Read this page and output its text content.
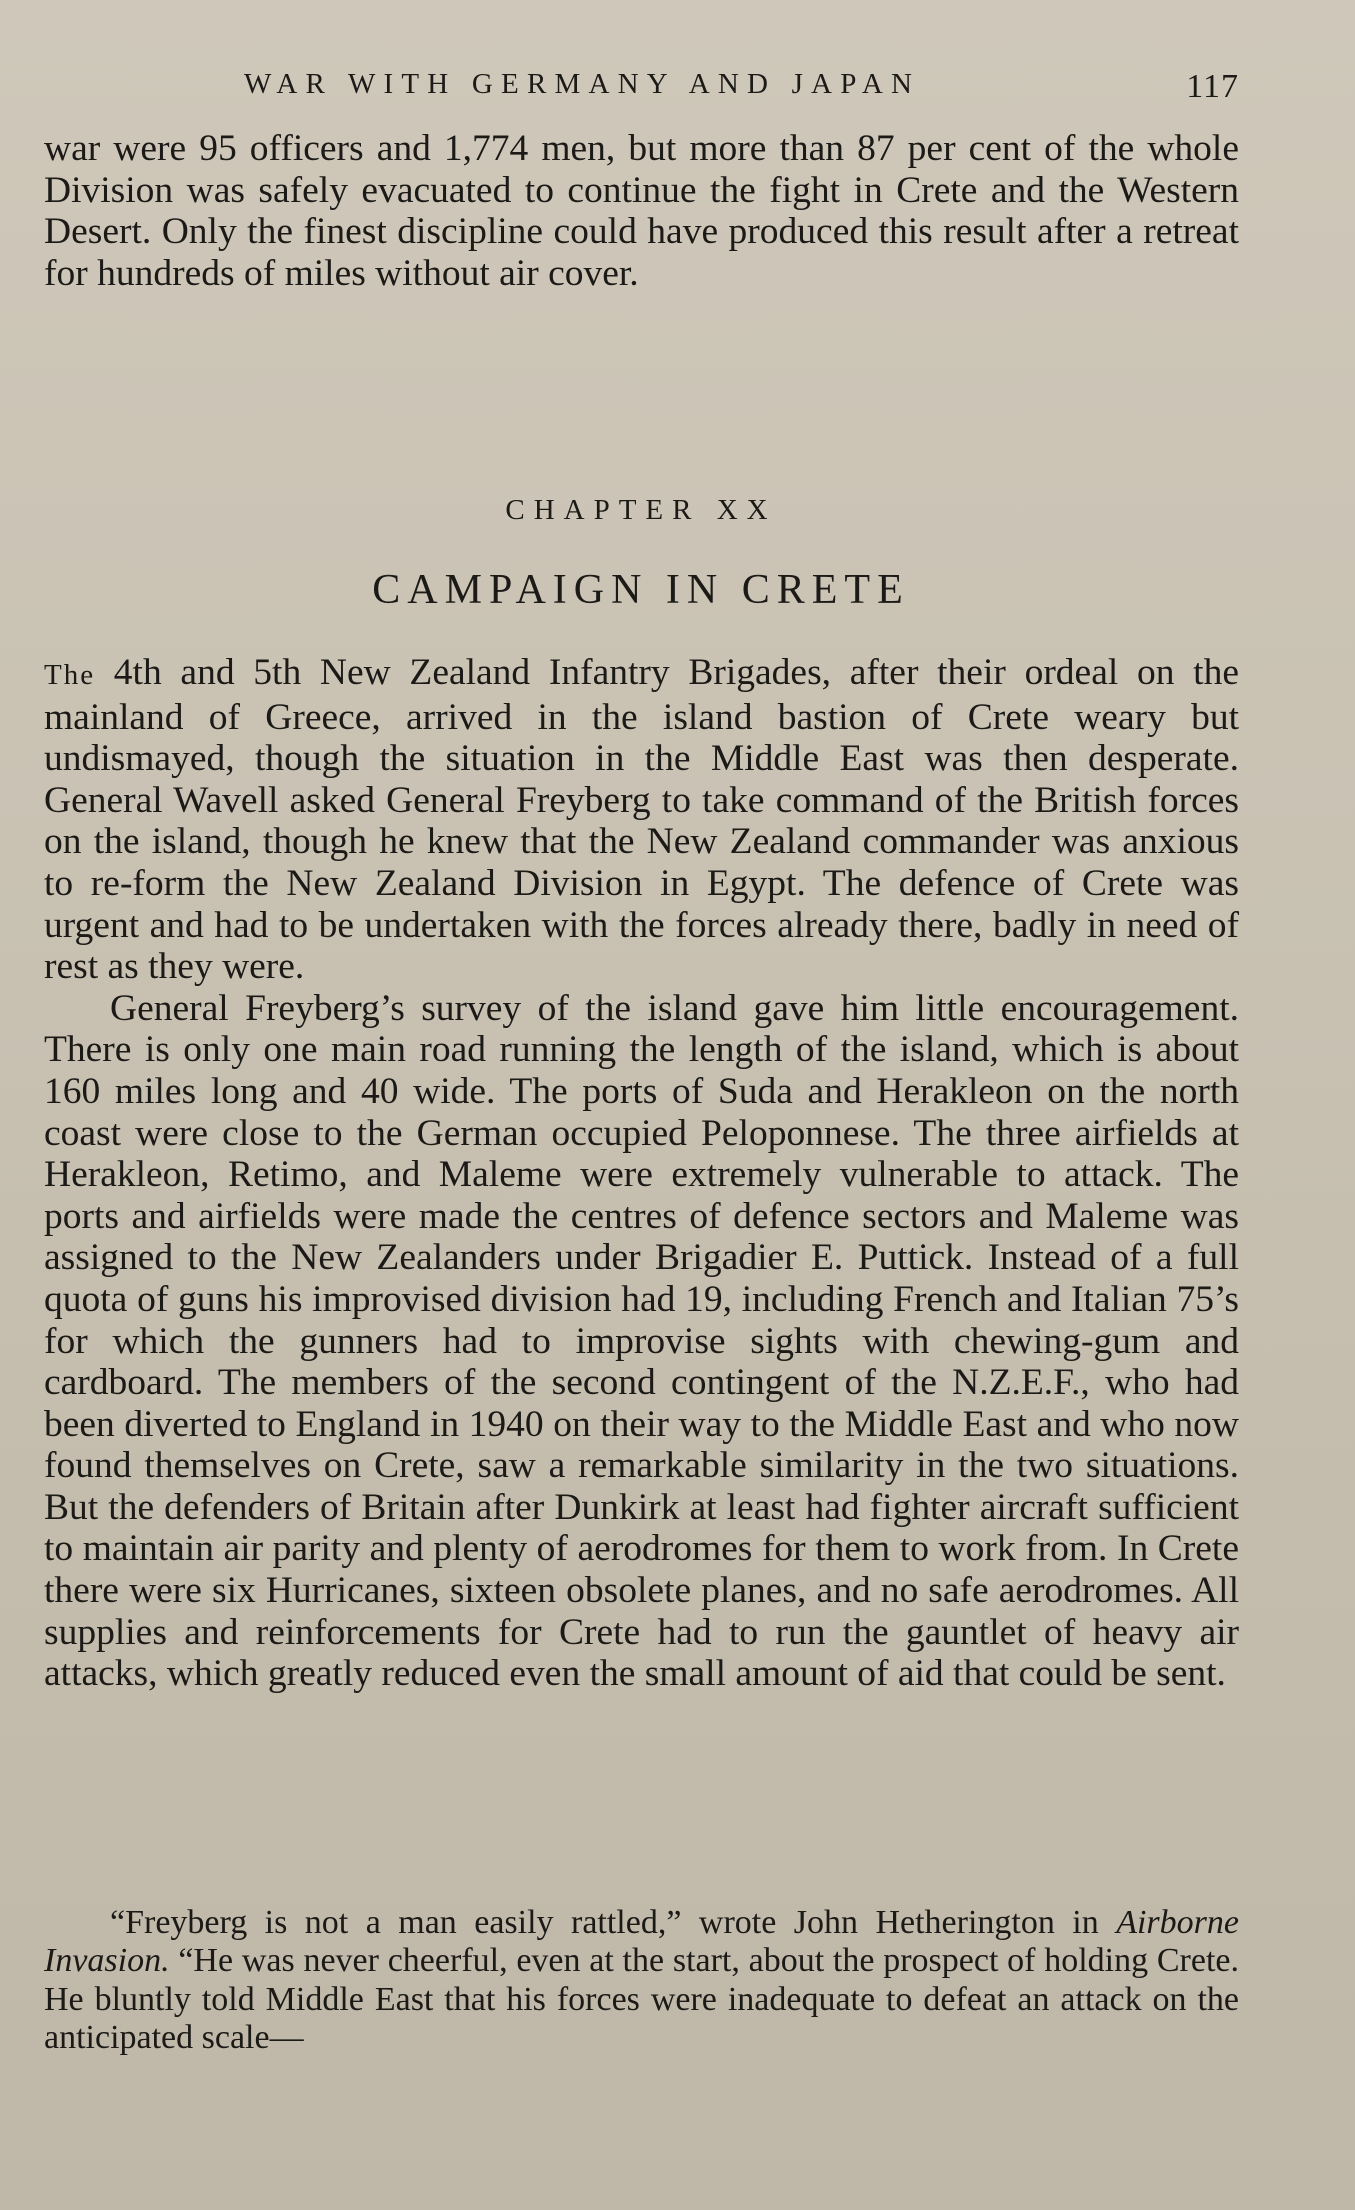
WAR WITH GERMANY AND JAPAN	117

war were 95 officers and 1,774 men, but more than 87 per cent of the whole Division was safely evacuated to continue the fight in Crete and the Western Desert. Only the finest discipline could have produced this result after a retreat for hundreds of miles without air cover.

CHAPTER XX
CAMPAIGN IN CRETE

The 4th and 5th New Zealand Infantry Brigades, after their ordeal on the mainland of Greece, arrived in the island bastion of Crete weary but undismayed, though the situation in the Middle East was then desperate. General Wavell asked General Freyberg to take command of the British forces on the island, though he knew that the New Zealand commander was anxious to re-form the New Zealand Division in Egypt. The defence of Crete was urgent and had to be undertaken with the forces already there, badly in need of rest as they were.

General Freyberg’s survey of the island gave him little encouragement. There is only one main road running the length of the island, which is about 160 miles long and 40 wide. The ports of Suda and Herakleon on the north coast were close to the German occupied Peloponnese. The three airfields at Herakleon, Retimo, and Maleme were extremely vulnerable to attack. The ports and airfields were made the centres of defence sectors and Maleme was assigned to the New Zealanders under Brigadier E. Puttick. Instead of a full quota of guns his improvised division had 19, including French and Italian 75’s for which the gunners had to improvise sights with chewing-gum and cardboard. The members of the second contingent of the N.Z.E.F., who had been diverted to England in 1940 on their way to the Middle East and who now found themselves on Crete, saw a remarkable similarity in the two situations. But the defenders of Britain after Dunkirk at least had fighter aircraft sufficient to maintain air parity and plenty of aerodromes for them to work from. In Crete there were six Hurricanes, sixteen obsolete planes, and no safe aerodromes. All supplies and reinforcements for Crete had to run the gauntlet of heavy air attacks, which greatly reduced even the small amount of aid that could be sent.

“Freyberg is not a man easily rattled,” wrote John Hetherington in Airborne Invasion. “He was never cheerful, even at the start, about the prospect of holding Crete. He bluntly told Middle East that his forces were inadequate to defeat an attack on the anticipated scale—
